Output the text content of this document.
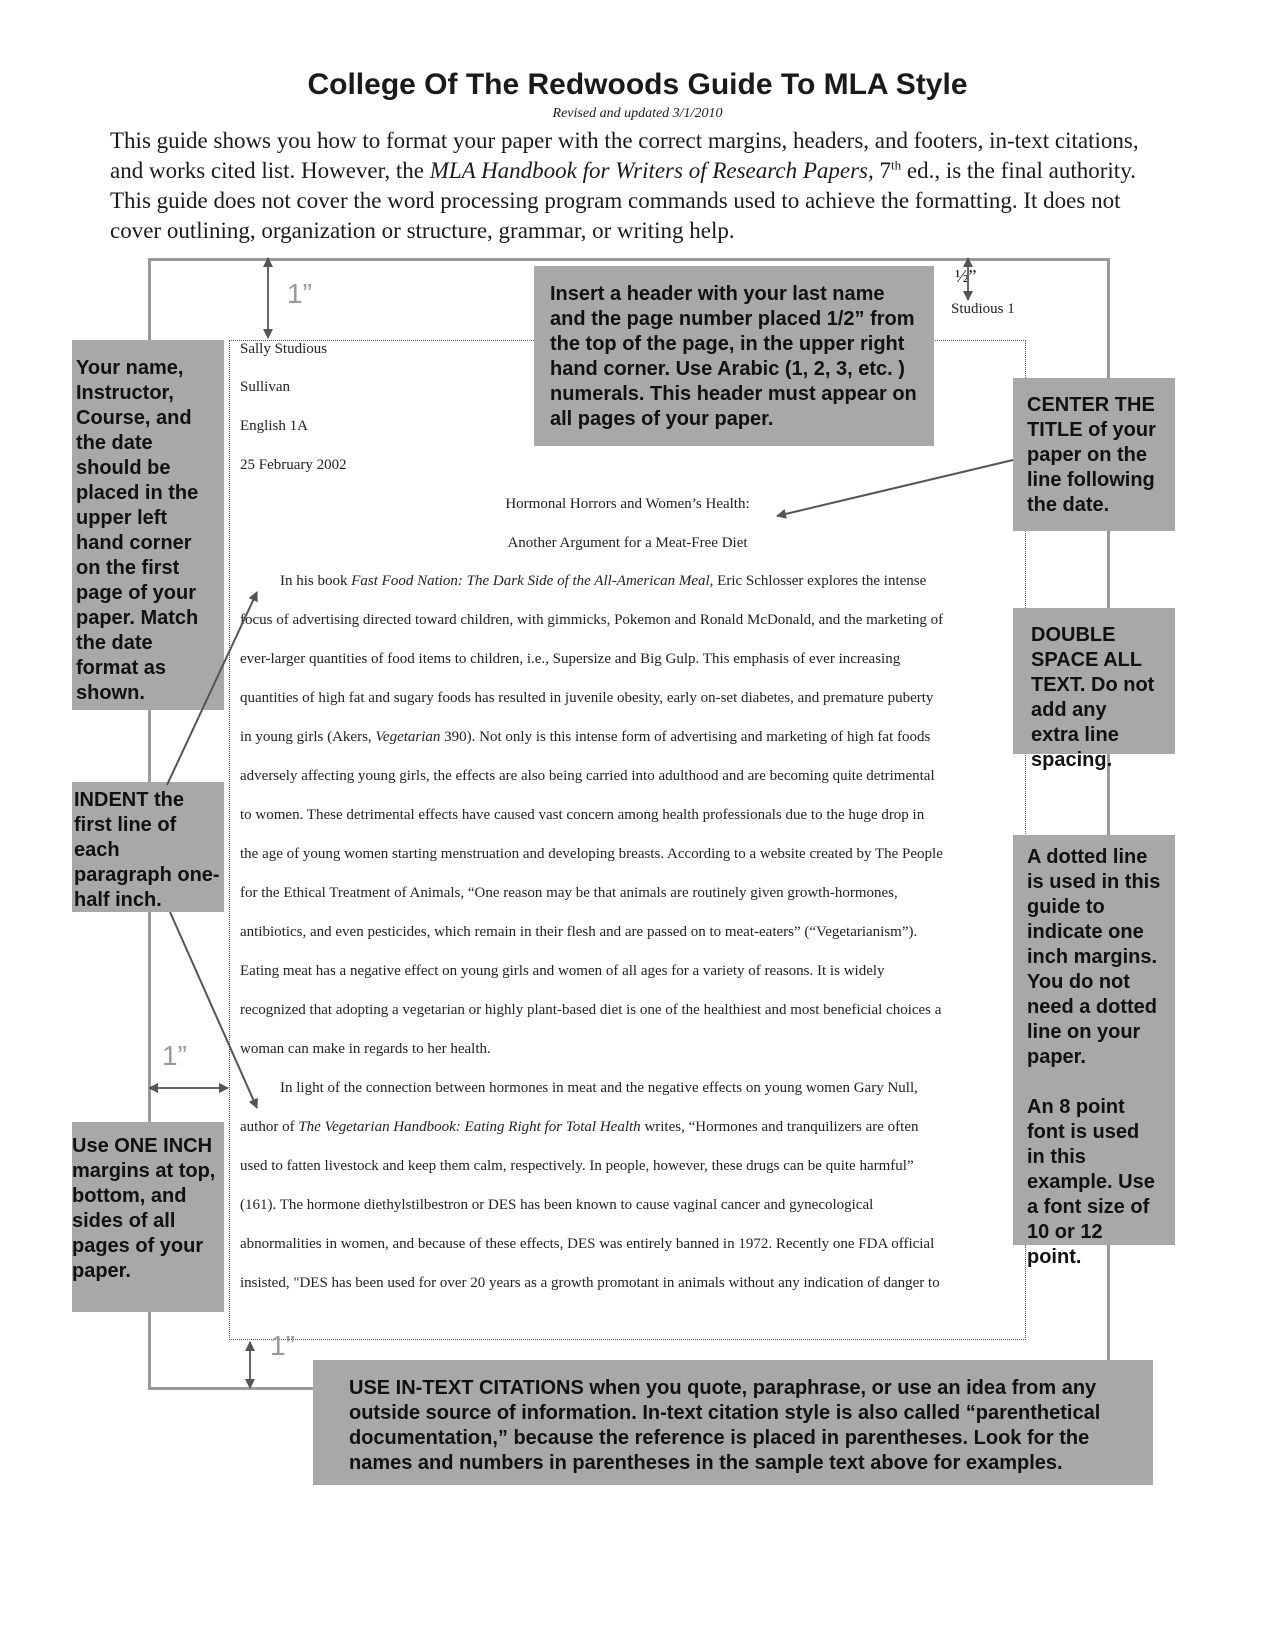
College Of The Redwoods Guide To MLA Style
Revised and updated 3/1/2010

This guide shows you how to format your paper with the correct margins, headers, and footers, in-text citations, and works cited list. However, the MLA Handbook for Writers of Research Papers, 7th ed., is the final authority. This guide does not cover the word processing program commands used to achieve the formatting. It does not cover outlining, organization or structure, grammar, or writing help.

1”
½”
1”
1”
Studious 1
Sally Studious
Sullivan
English 1A
25 February 2002
Hormonal Horrors and Women’s Health:
Another Argument for a Meat-Free Diet
In his book Fast Food Nation: The Dark Side of the All-American Meal, Eric Schlosser explores the intense
focus of advertising directed toward children, with gimmicks, Pokemon and Ronald McDonald, and the marketing of
ever-larger quantities of food items to children, i.e., Supersize and Big Gulp. This emphasis of ever increasing
quantities of high fat and sugary foods has resulted in juvenile obesity, early on-set diabetes, and premature puberty
in young girls (Akers, Vegetarian 390). Not only is this intense form of advertising and marketing of high fat foods
adversely affecting young girls, the effects are also being carried into adulthood and are becoming quite detrimental
to women. These detrimental effects have caused vast concern among health professionals due to the huge drop in
the age of young women starting menstruation and developing breasts. According to a website created by The People
for the Ethical Treatment of Animals, “One reason may be that animals are routinely given growth-hormones,
antibiotics, and even pesticides, which remain in their flesh and are passed on to meat-eaters” (“Vegetarianism”).
Eating meat has a negative effect on young girls and women of all ages for a variety of reasons. It is widely
recognized that adopting a vegetarian or highly plant-based diet is one of the healthiest and most beneficial choices a
woman can make in regards to her health.
In light of the connection between hormones in meat and the negative effects on young women Gary Null,
author of The Vegetarian Handbook: Eating Right for Total Health writes, “Hormones and tranquilizers are often
used to fatten livestock and keep them calm, respectively. In people, however, these drugs can be quite harmful”
(161). The hormone diethylstilbestron or DES has been known to cause vaginal cancer and gynecological
abnormalities in women, and because of these effects, DES was entirely banned in 1972. Recently one FDA official
insisted, "DES has been used for over 20 years as a growth promotant in animals without any indication of danger to

Insert a header with your last name and the page number placed 1/2” from the top of the page, in the upper right hand corner. Use Arabic (1, 2, 3, etc. ) numerals. This header must appear on all pages of your paper.

Your name, Instructor, Course, and the date should be placed in the upper left hand corner on the first page of your paper. Match the date format as shown.

CENTER THE TITLE of your paper on the line following the date.

DOUBLE SPACE ALL TEXT. Do not add any extra line spacing.

INDENT the first line of each paragraph one-half inch.

A dotted line is used in this guide to indicate one inch margins. You do not need a dotted line on your paper.

An 8 point font is used in this example. Use a font size of 10 or 12 point.

Use ONE INCH margins at top, bottom, and sides of all pages of your paper.

USE IN-TEXT CITATIONS when you quote, paraphrase, or use an idea from any outside source of information. In-text citation style is also called “parenthetical documentation,” because the reference is placed in parentheses. Look for the names and numbers in parentheses in the sample text above for examples.
